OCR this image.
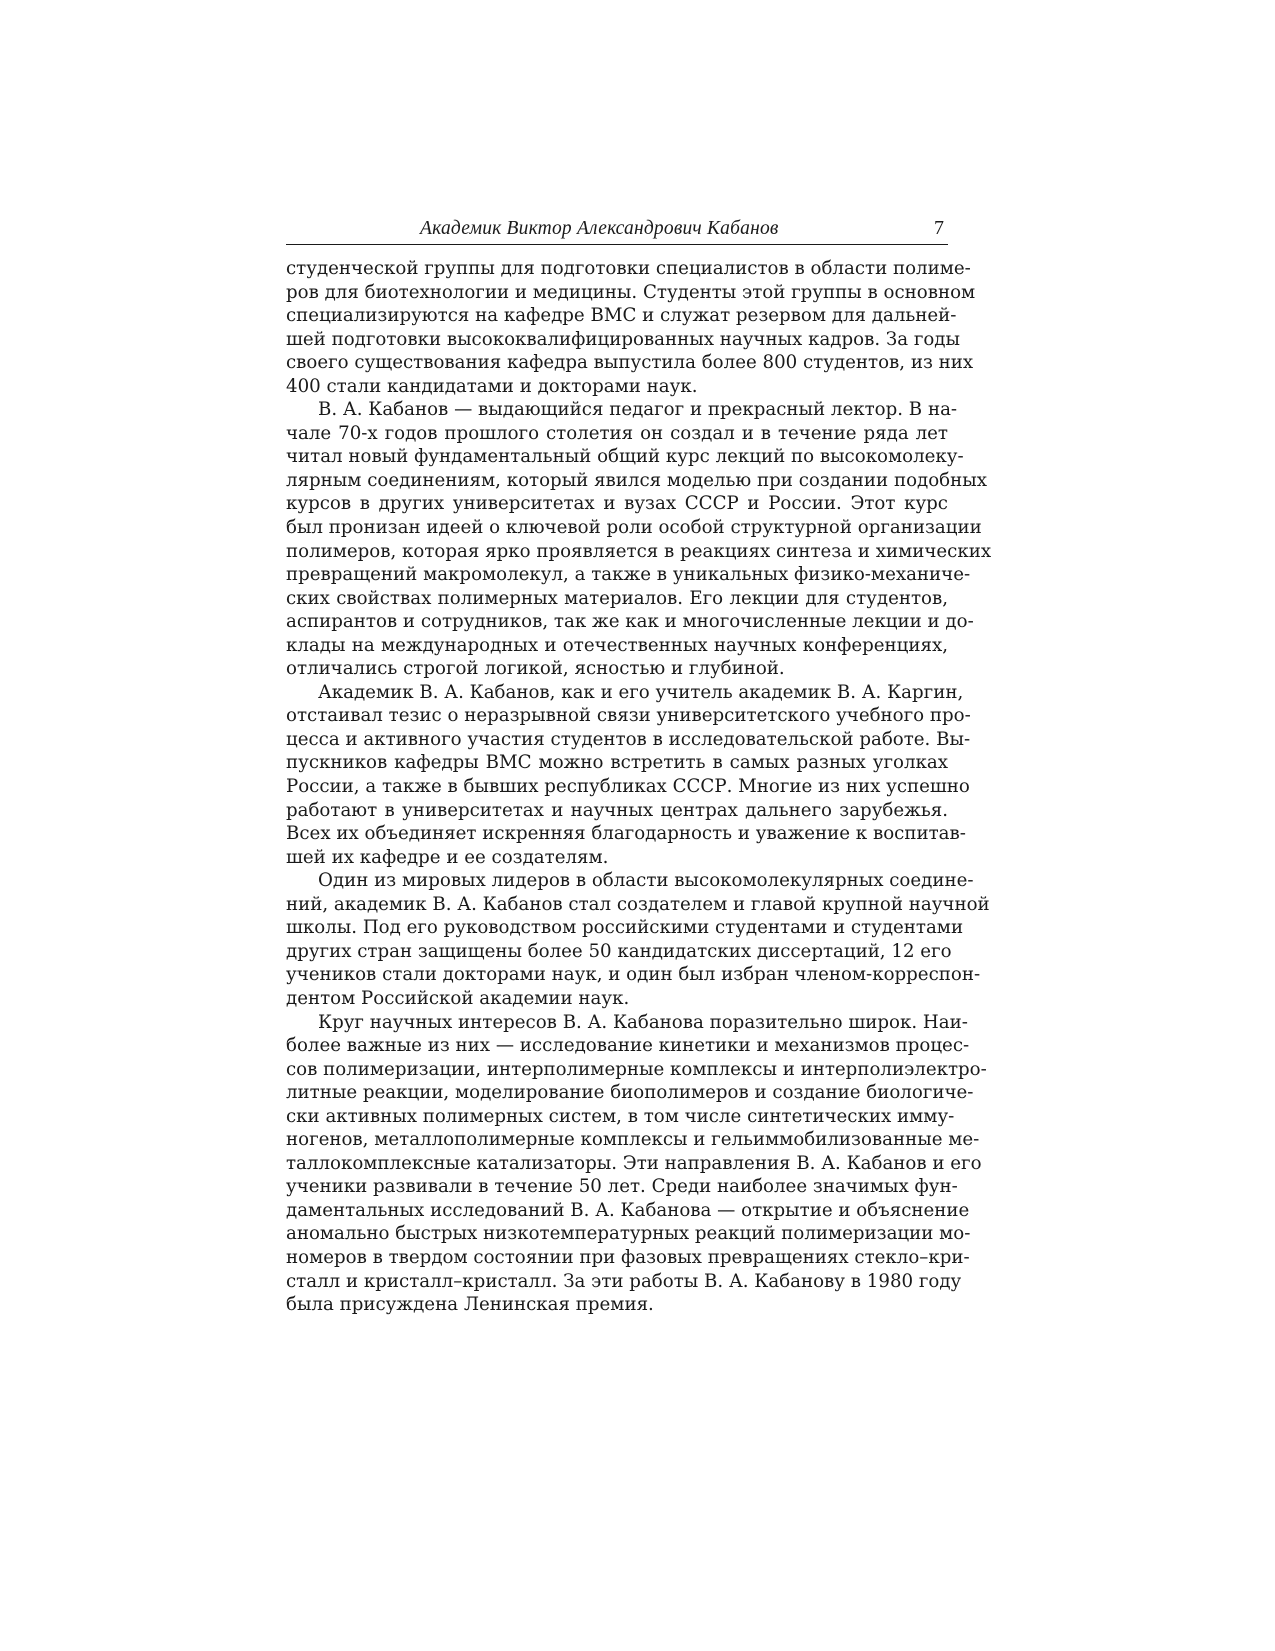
Академик Виктор Александрович Кабанов	7
студенческой группы для подготовки специалистов в области полиме-
ров для биотехнологии и медицины. Студенты этой группы в основном
специализируются на кафедре ВМС и служат резервом для дальней-
шей подготовки высококвалифицированных научных кадров. За годы
своего существования кафедра выпустила более 800 студентов, из них
400 стали кандидатами и докторами наук.
В. А. Кабанов — выдающийся педагог и прекрасный лектор. В на-
чале 70-х годов прошлого столетия он создал и в течение ряда лет
читал новый фундаментальный общий курс лекций по высокомолеку-
лярным соединениям, который явился моделью при создании подобных
курсов в других университетах и вузах СССР и России. Этот курс
был пронизан идеей о ключевой роли особой структурной организации
полимеров, которая ярко проявляется в реакциях синтеза и химических
превращений макромолекул, а также в уникальных физико-механиче-
ских свойствах полимерных материалов. Его лекции для студентов,
аспирантов и сотрудников, так же как и многочисленные лекции и до-
клады на международных и отечественных научных конференциях,
отличались строгой логикой, ясностью и глубиной.
Академик В. А. Кабанов, как и его учитель академик В. А. Каргин,
отстаивал тезис о неразрывной связи университетского учебного про-
цесса и активного участия студентов в исследовательской работе. Вы-
пускников кафедры ВМС можно встретить в самых разных уголках
России, а также в бывших республиках СССР. Многие из них успешно
работают в университетах и научных центрах дальнего зарубежья.
Всех их объединяет искренняя благодарность и уважение к воспитав-
шей их кафедре и ее создателям.
Один из мировых лидеров в области высокомолекулярных соедине-
ний, академик В. А. Кабанов стал создателем и главой крупной научной
школы. Под его руководством российскими студентами и студентами
других стран защищены более 50 кандидатских диссертаций, 12 его
учеников стали докторами наук, и один был избран членом-корреспон-
дентом Российской академии наук.
Круг научных интересов В. А. Кабанова поразительно широк. Наи-
более важные из них — исследование кинетики и механизмов процес-
сов полимеризации, интерполимерные комплексы и интерполиэлектро-
литные реакции, моделирование биополимеров и создание биологиче-
ски активных полимерных систем, в том числе синтетических имму-
ногенов, металлополимерные комплексы и гельиммобилизованные ме-
таллокомплексные катализаторы. Эти направления В. А. Кабанов и его
ученики развивали в течение 50 лет. Среди наиболее значимых фун-
даментальных исследований В. А. Кабанова — открытие и объяснение
аномально быстрых низкотемпературных реакций полимеризации мо-
номеров в твердом состоянии при фазовых превращениях стекло–кри-
сталл и кристалл–кристалл. За эти работы В. А. Кабанову в 1980 году
была присуждена Ленинская премия.
